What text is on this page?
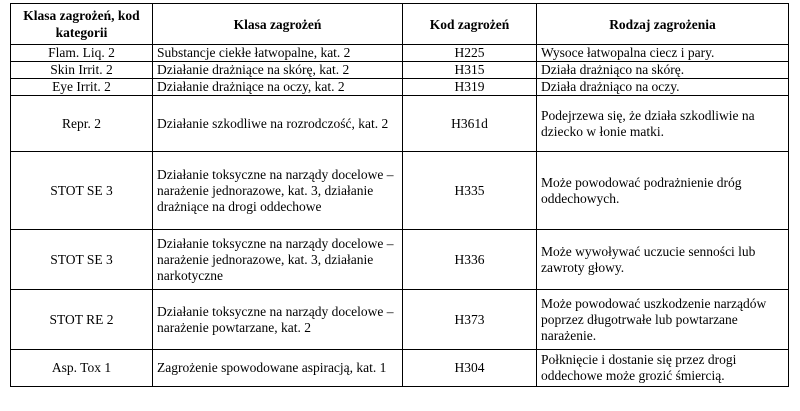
Klasa zagrożeń, kod kategorii	Klasa zagrożeń	Kod zagrożeń	Rodzaj zagrożenia
Flam. Liq. 2	Substancje ciekłe łatwopalne, kat. 2	H225	Wysoce łatwopalna ciecz i pary.
Skin Irrit. 2	Działanie drażniące na skórę, kat. 2	H315	Działa drażniąco na skórę.
Eye Irrit. 2	Działanie drażniące na oczy, kat. 2	H319	Działa drażniąco na oczy.
Repr. 2	Działanie szkodliwe na rozrodczość, kat. 2	H361d	Podejrzewa się, że działa szkodliwie na dziecko w łonie matki.
STOT SE 3	Działanie toksyczne na narządy docelowe – narażenie jednorazowe, kat. 3, działanie drażniące na drogi oddechowe	H335	Może powodować podrażnienie dróg oddechowych.
STOT SE 3	Działanie toksyczne na narządy docelowe – narażenie jednorazowe, kat. 3, działanie narkotyczne	H336	Może wywoływać uczucie senności lub zawroty głowy.
STOT RE 2	Działanie toksyczne na narządy docelowe – narażenie powtarzane, kat. 2	H373	Może powodować uszkodzenie narządów poprzez długotrwałe lub powtarzane narażenie.
Asp. Tox 1	Zagrożenie spowodowane aspiracją, kat. 1	H304	Połknięcie i dostanie się przez drogi oddechowe może grozić śmiercią.
